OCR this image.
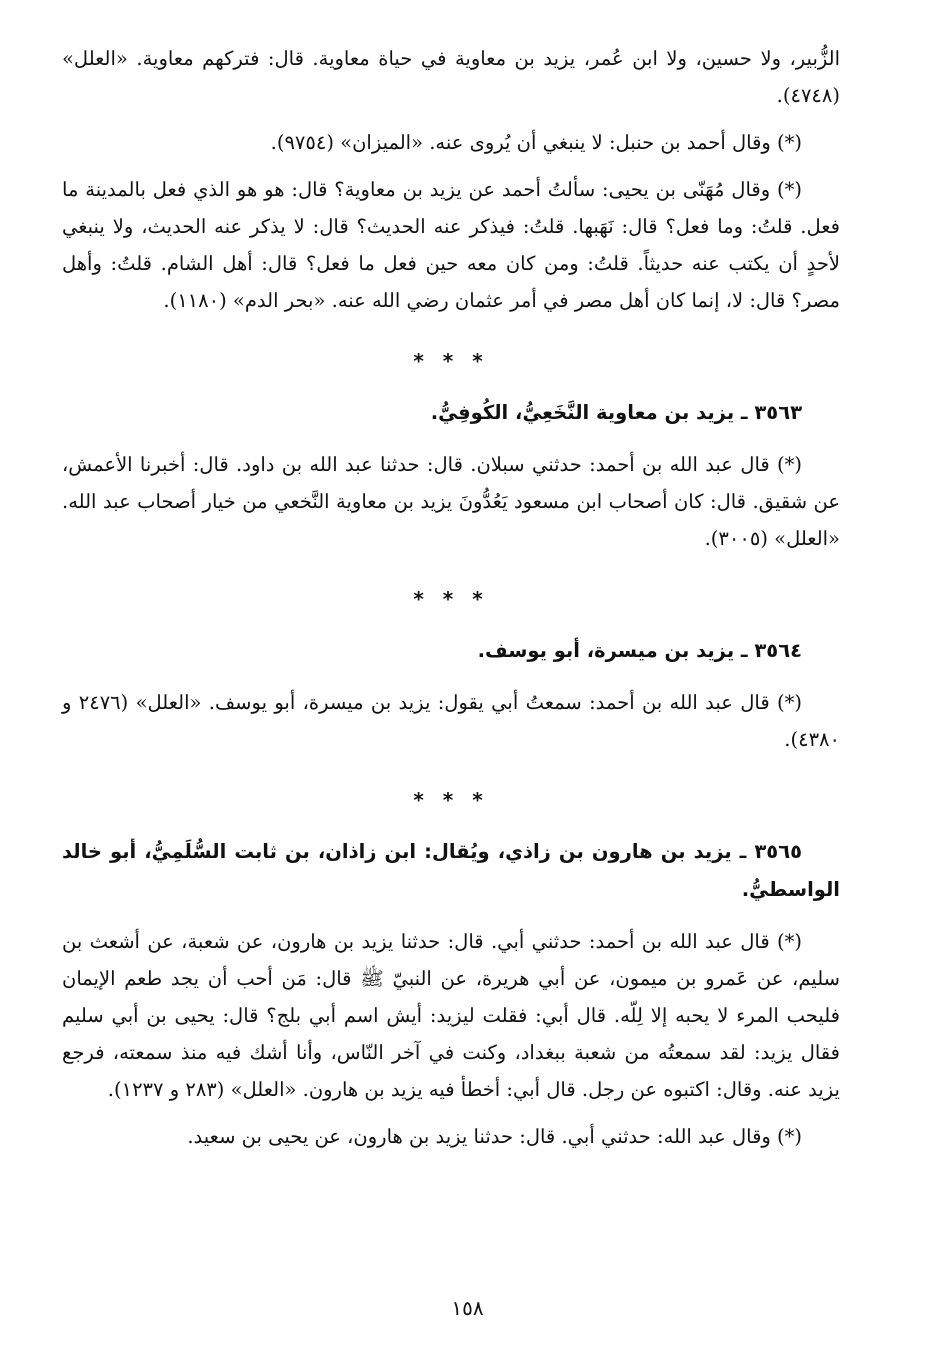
الزُّبير، ولا حسين، ولا ابن عُمر، يزيد بن معاوية في حياة معاوية. قال: فتركهم معاوية. «العلل» (٤٧٤٨).

(*) وقال أحمد بن حنبل: لا ينبغي أن يُروى عنه. «الميزان» (٩٧٥٤).

(*) وقال مُهَنّى بن يحيى: سألتُ أحمد عن يزيد بن معاوية؟ قال: هو هو الذي فعل بالمدينة ما فعل. قلتُ: وما فعل؟ قال: نَهَبها. قلتُ: فيذكر عنه الحديث؟ قال: لا يذكر عنه الحديث، ولا ينبغي لأحدٍ أن يكتب عنه حديثاً. قلتُ: ومن كان معه حين فعل ما فعل؟ قال: أهل الشام. قلتُ: وأهل مصر؟ قال: لا، إنما كان أهل مصر في أمر عثمان رضي الله عنه. «بحر الدم» (١١٨٠).

* * *

٣٥٦٣ ـ يزيد بن معاوية النَّخَعِيُّ، الكُوفِيُّ.

(*) قال عبد الله بن أحمد: حدثني سبلان. قال: حدثنا عبد الله بن داود. قال: أخبرنا الأعمش، عن شقيق. قال: كان أصحاب ابن مسعود يَعُدُّونَ يزيد بن معاوية النَّخعي من خيار أصحاب عبد الله. «العلل» (٣٠٠٥).

* * *

٣٥٦٤ ـ يزيد بن ميسرة، أبو يوسف.

(*) قال عبد الله بن أحمد: سمعتُ أبي يقول: يزيد بن ميسرة، أبو يوسف. «العلل» (٢٤٧٦ و ٤٣٨٠).

* * *

٣٥٦٥ ـ يزيد بن هارون بن زاذي، ويُقال: ابن زاذان، بن ثابت السُّلَمِيُّ، أبو خالد الواسطيُّ.

(*) قال عبد الله بن أحمد: حدثني أبي. قال: حدثنا يزيد بن هارون، عن شعبة، عن أشعث بن سليم، عن عَمرو بن ميمون، عن أبي هريرة، عن النبيّ ﷺ قال: مَن أحب أن يجد طعم الإيمان فليحب المرء لا يحبه إلا لِلّه. قال أبي: فقلت ليزيد: أيش اسم أبي بلج؟ قال: يحيى بن أبي سليم فقال يزيد: لقد سمعتُه من شعبة ببغداد، وكنت في آخر النّاس، وأنا أشك فيه منذ سمعته، فرجع يزيد عنه. وقال: اكتبوه عن رجل. قال أبي: أخطأ فيه يزيد بن هارون. «العلل» (٢٨٣ و ١٢٣٧).

(*) وقال عبد الله: حدثني أبي. قال: حدثنا يزيد بن هارون، عن يحيى بن سعيد.

١٥٨
